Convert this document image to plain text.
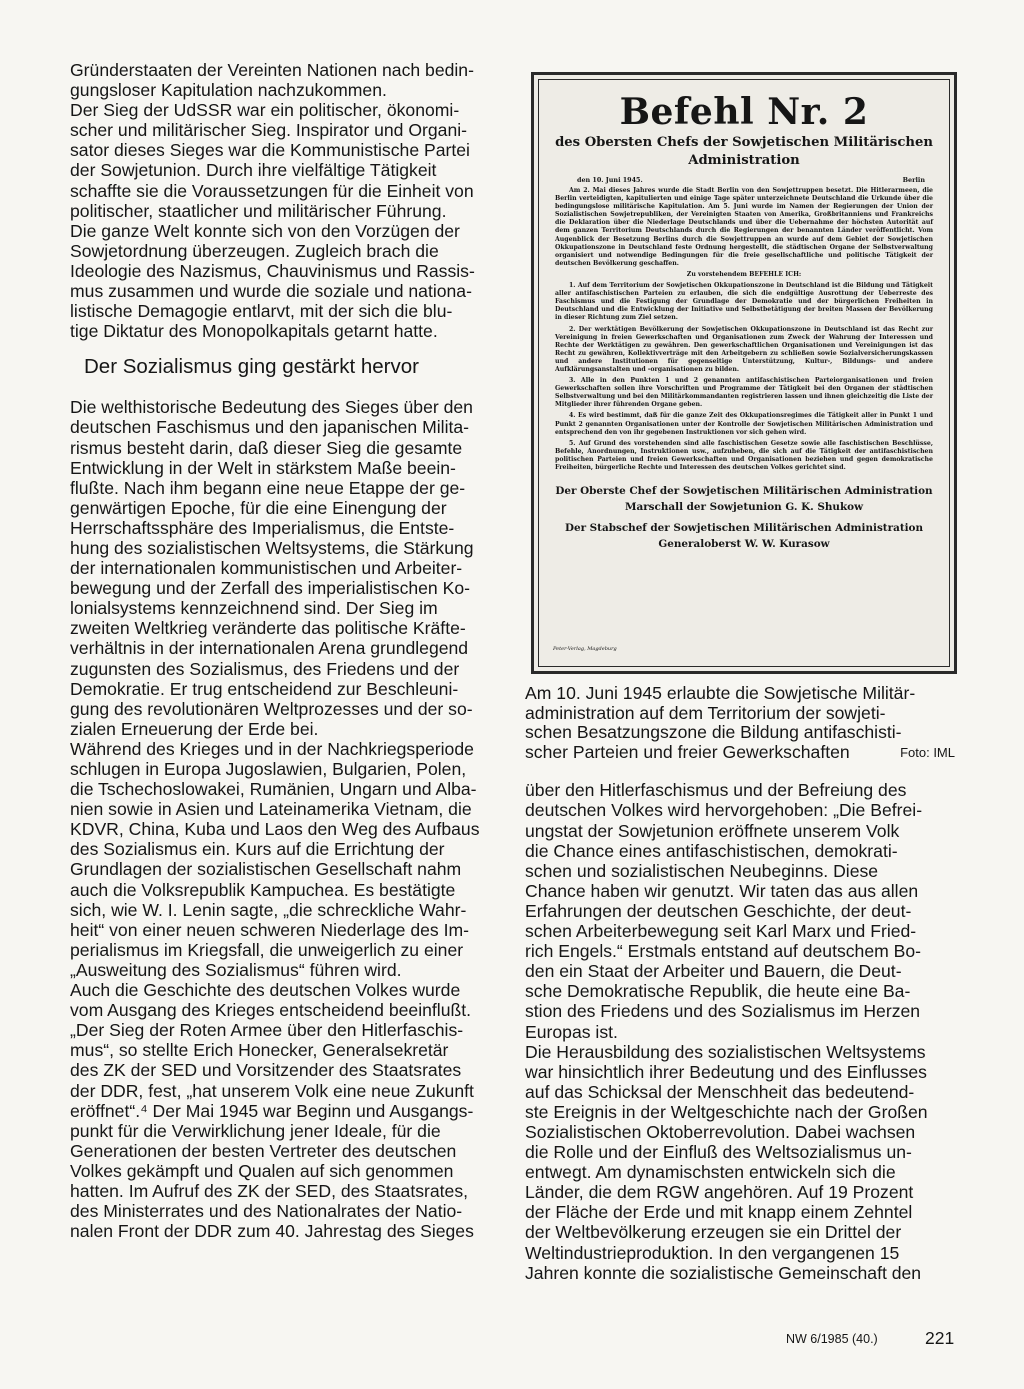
Gründerstaaten der Vereinten Nationen nach bedin-
gungsloser Kapitulation nachzukommen.
Der Sieg der UdSSR war ein politischer, ökonomi-
scher und militärischer Sieg. Inspirator und Organi-
sator dieses Sieges war die Kommunistische Partei
der Sowjetunion. Durch ihre vielfältige Tätigkeit
schaffte sie die Voraussetzungen für die Einheit von
politischer, staatlicher und militärischer Führung.
Die ganze Welt konnte sich von den Vorzügen der
Sowjetordnung überzeugen. Zugleich brach die
Ideologie des Nazismus, Chauvinismus und Rassis-
mus zusammen und wurde die soziale und nationa-
listische Demagogie entlarvt, mit der sich die blu-
tige Diktatur des Monopolkapitals getarnt hatte.
Der Sozialismus ging gestärkt hervor
Die welthistorische Bedeutung des Sieges über den
deutschen Faschismus und den japanischen Milita-
rismus besteht darin, daß dieser Sieg die gesamte
Entwicklung in der Welt in stärkstem Maße beein-
flußte. Nach ihm begann eine neue Etappe der ge-
genwärtigen Epoche, für die eine Einengung der
Herrschaftssphäre des Imperialismus, die Entste-
hung des sozialistischen Weltsystems, die Stärkung
der internationalen kommunistischen und Arbeiter-
bewegung und der Zerfall des imperialistischen Ko-
lonialsystems kennzeichnend sind. Der Sieg im
zweiten Weltkrieg veränderte das politische Kräfte-
verhältnis in der internationalen Arena grundlegend
zugunsten des Sozialismus, des Friedens und der
Demokratie. Er trug entscheidend zur Beschleuni-
gung des revolutionären Weltprozesses und der so-
zialen Erneuerung der Erde bei.
Während des Krieges und in der Nachkriegsperiode
schlugen in Europa Jugoslawien, Bulgarien, Polen,
die Tschechoslowakei, Rumänien, Ungarn und Alba-
nien sowie in Asien und Lateinamerika Vietnam, die
KDVR, China, Kuba und Laos den Weg des Aufbaus
des Sozialismus ein. Kurs auf die Errichtung der
Grundlagen der sozialistischen Gesellschaft nahm
auch die Volksrepublik Kampuchea. Es bestätigte
sich, wie W. I. Lenin sagte, „die schreckliche Wahr-
heit“ von einer neuen schweren Niederlage des Im-
perialismus im Kriegsfall, die unweigerlich zu einer
„Ausweitung des Sozialismus“ führen wird.
Auch die Geschichte des deutschen Volkes wurde
vom Ausgang des Krieges entscheidend beeinflußt.
„Der Sieg der Roten Armee über den Hitlerfaschis-
mus“, so stellte Erich Honecker, Generalsekretär
des ZK der SED und Vorsitzender des Staatsrates
der DDR, fest, „hat unserem Volk eine neue Zukunft
eröffnet“.⁴ Der Mai 1945 war Beginn und Ausgangs-
punkt für die Verwirklichung jener Ideale, für die
Generationen der besten Vertreter des deutschen
Volkes gekämpft und Qualen auf sich genommen
hatten. Im Aufruf des ZK der SED, des Staatsrates,
des Ministerrates und des Nationalrates der Natio-
nalen Front der DDR zum 40. Jahrestag des Sieges
Befehl Nr. 2
des Obersten Chefs der Sowjetischen Militärischen
Administration
den 10. Juni 1945.	Berlin

Am 2. Mai dieses Jahres wurde die Stadt Berlin von den Sowjettruppen besetzt. Die Hitlerarmeen, die Berlin verteidigten, kapitulierten und einige Tage später unterzeichnete Deutschland die Urkunde über die bedingungslose militärische Kapitulation. Am 5. Juni wurde im Namen der Regierungen der Union der Sozialistischen Sowjetrepubliken, der Vereinigten Staaten von Amerika, Großbritanniens und Frankreichs die Deklaration über die Niederlage Deutschlands und über die Uebernahme der höchsten Autorität auf dem ganzen Territorium Deutschlands durch die Regierungen der benannten Länder veröffentlicht. Vom Augenblick der Besetzung Berlins durch die Sowjettruppen an wurde auf dem Gebiet der Sowjetischen Okkupationszone in Deutschland feste Ordnung hergestellt, die städtischen Organe der Selbstverwaltung organisiert und notwendige Bedingungen für die freie gesellschaftliche und politische Tätigkeit der deutschen Bevölkerung geschaffen.

Zu vorstehendem BEFEHLE ICH:

1. Auf dem Territorium der Sowjetischen Okkupationszone in Deutschland ist die Bildung und Tätigkeit aller antifaschistischen Parteien zu erlauben, die sich die endgültige Ausrottung der Ueberreste des Faschismus und die Festigung der Grundlage der Demokratie und der bürgerlichen Freiheiten in Deutschland und die Entwicklung der Initiative und Selbstbetätigung der breiten Massen der Bevölkerung in dieser Richtung zum Ziel setzen.

2. Der werktätigen Bevölkerung der Sowjetischen Okkupationszone in Deutschland ist das Recht zur Vereinigung in freien Gewerkschaften und Organisationen zum Zweck der Wahrung der Interessen und Rechte der Werktätigen zu gewähren. Den gewerkschaftlichen Organisationen und Vereinigungen ist das Recht zu gewähren, Kollektivverträge mit den Arbeitgebern zu schließen sowie Sozialversicherungskassen und andere Institutionen für gegenseitige Unterstützung, Kultur-, Bildungs- und andere Aufklärungsanstalten und -organisationen zu bilden.

3. Alle in den Punkten 1 und 2 genannten antifaschistischen Parteiorganisationen und freien Gewerkschaften sollen ihre Vorschriften und Programme der Tätigkeit bei den Organen der städtischen Selbstverwaltung und bei den Militärkommandanten registrieren lassen und ihnen gleichzeitig die Liste der Mitglieder ihrer führenden Organe geben.

4. Es wird bestimmt, daß für die ganze Zeit des Okkupationsregimes die Tätigkeit aller in Punkt 1 und Punkt 2 genannten Organisationen unter der Kontrolle der Sowjetischen Militärischen Administration und entsprechend den von ihr gegebenen Instruktionen vor sich gehen wird.

5. Auf Grund des vorstehenden sind alle faschistischen Gesetze sowie alle faschistischen Beschlüsse, Befehle, Anordnungen, Instruktionen usw., aufzuheben, die sich auf die Tätigkeit der antifaschistischen politischen Parteien und freien Gewerkschaften und Organisationen beziehen und gegen demokratische Freiheiten, bürgerliche Rechte und Interessen des deutschen Volkes gerichtet sind.

Der Oberste Chef der Sowjetischen Militärischen Administration
Marschall der Sowjetunion G. K. Shukow
Der Stabschef der Sowjetischen Militärischen Administration
Generaloberst W. W. Kurasow
Peter-Verlag, Magdeburg
Am 10. Juni 1945 erlaubte die Sowjetische Militär-
administration auf dem Territorium der sowjeti-
schen Besatzungszone die Bildung antifaschisti-
scher Parteien und freier Gewerkschaften	Foto: IML
über den Hitlerfaschismus und der Befreiung des
deutschen Volkes wird hervorgehoben: „Die Befrei-
ungstat der Sowjetunion eröffnete unserem Volk
die Chance eines antifaschistischen, demokrati-
schen und sozialistischen Neubeginns. Diese
Chance haben wir genutzt. Wir taten das aus allen
Erfahrungen der deutschen Geschichte, der deut-
schen Arbeiterbewegung seit Karl Marx und Fried-
rich Engels.“ Erstmals entstand auf deutschem Bo-
den ein Staat der Arbeiter und Bauern, die Deut-
sche Demokratische Republik, die heute eine Ba-
stion des Friedens und des Sozialismus im Herzen
Europas ist.
Die Herausbildung des sozialistischen Weltsystems
war hinsichtlich ihrer Bedeutung und des Einflusses
auf das Schicksal der Menschheit das bedeutend-
ste Ereignis in der Weltgeschichte nach der Großen
Sozialistischen Oktoberrevolution. Dabei wachsen
die Rolle und der Einfluß des Weltsozialismus un-
entwegt. Am dynamischsten entwickeln sich die
Länder, die dem RGW angehören. Auf 19 Prozent
der Fläche der Erde und mit knapp einem Zehntel
der Weltbevölkerung erzeugen sie ein Drittel der
Weltindustrieproduktion. In den vergangenen 15
Jahren konnte die sozialistische Gemeinschaft den
NW 6/1985 (40.)	221
